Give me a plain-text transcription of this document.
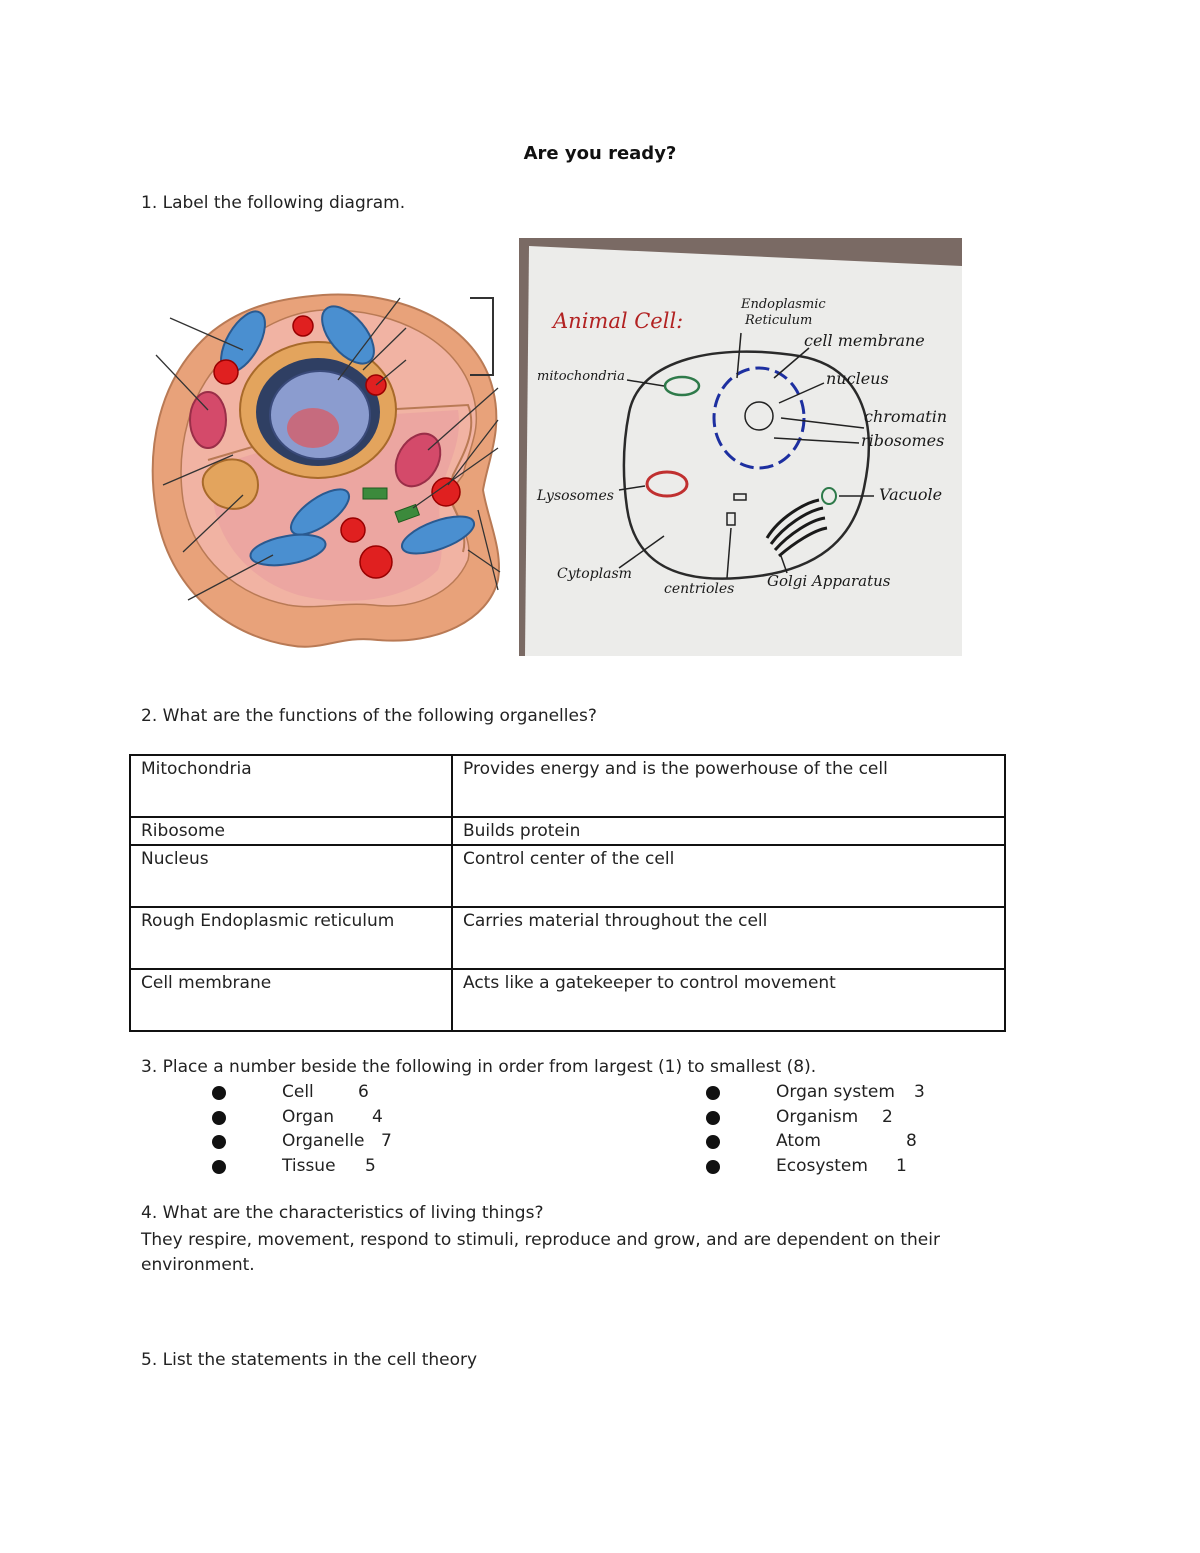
Are you ready?
1. Label the following diagram.
Animal Cell:
Endoplasmic
Reticulum
cell membrane
nucleus
chromatin
ribosomes
mitochondria
Lysosomes	Vacuole
Cytoplasm
centrioles Golgi Apparatus
2. What are the functions of the following organelles?
Mitochondria	Provides energy and is the powerhouse of the cell
Ribosome	Builds protein
Nucleus	Control center of the cell
Rough Endoplasmic reticulum	Carries material throughout the cell
Cell membrane	Acts like a gatekeeper to control movement
3. Place a number beside the following in order from largest (1) to smallest (8).
Cell	6
Organ 4
Organelle 7
Tissue 5
Organ system 3
Organism 2
Atom	8
Ecosystem 1
4. What are the characteristics of living things?
They respire, movement, respond to stimuli, reproduce and grow, and are dependent on their environment.
5. List the statements in the cell theory
